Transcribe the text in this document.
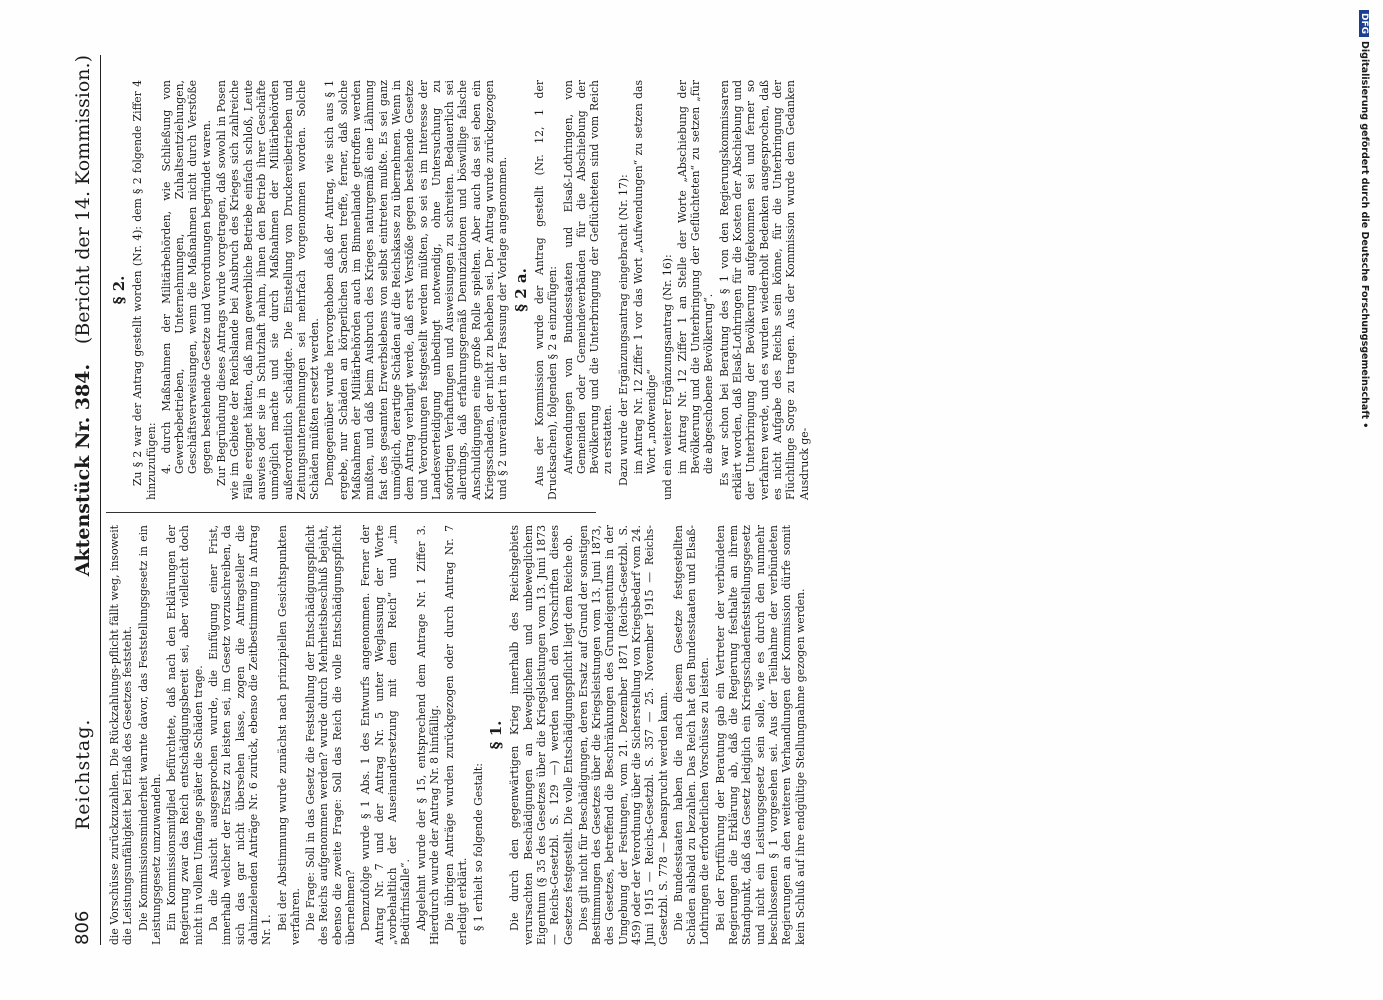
806
Reichstag.
Aktenstück Nr. 384.   (Bericht der 14. Kommission.)

die Vorschüsse zurückzuzahlen. Die Rückzahlungs-pflicht fällt weg, insoweit die Leistungsunfähigkeit bei Erlaß des Gesetzes feststeht. Die Kommissionsminderheit warnte davor, das Feststellungsgesetz in ein Leistungsgesetz umzuwandeln. Ein Kommissionsmitglied befürchtete, daß nach den Erklärungen der Regierung zwar das Reich entschädigungsbereit sei, aber vielleicht doch nicht in vollem Umfange später die Schäden trage. Da die Ansicht ausgesprochen wurde, die Einfügung einer Frist, innerhalb welcher der Ersatz zu leisten sei, im Gesetz vorzuschreiben, da sich das gar nicht übersehen lasse, zogen die Antragsteller die dahinzielenden Anträge Nr. 6 zurück, ebenso die Zeitbestimmung in Antrag Nr. 1. Bei der Abstimmung wurde zunächst nach prinzipiellen Gesichtspunkten verfahren. Die Frage: Soll in das Gesetz die Feststellung der Entschädigungspflicht des Reichs aufgenommen werden? wurde durch Mehrheitsbeschluß bejaht, ebenso die zweite Frage: Soll das Reich die volle Entschädigungspflicht übernehmen? Demzufolge wurde § 1 Abs. 1 des Entwurfs angenommen. Ferner der Antrag Nr. 7 und der Antrag Nr. 5 unter Weglassung der Worte „vorbehaltlich der Auseinandersetzung mit dem Reich“ und „im Bedürfnisfalle“. Abgelehnt wurde der § 15, entsprechend dem Antrage Nr. 1 Ziffer 3. Hierdurch wurde der Antrag Nr. 8 hinfällig. Die übrigen Anträge wurden zurückgezogen oder durch Antrag Nr. 7 erledigt erklärt. § 1 erhielt so folgende Gestalt:

§ 1. Die durch den gegenwärtigen Krieg innerhalb des Reichsgebiets verursachten Beschädigungen an beweglichem und unbeweglichem Eigentum (§ 35 des Gesetzes über die Kriegsleistungen vom 13. Juni 1873 — Reichs-Gesetzbl. S. 129 —) werden nach den Vorschriften dieses Gesetzes festgestellt. Die volle Entschädigungspflicht liegt dem Reiche ob. Dies gilt nicht für Beschädigungen, deren Ersatz auf Grund der sonstigen Bestimmungen des Gesetzes über die Kriegsleistungen vom 13. Juni 1873, des Gesetzes, betreffend die Beschränkungen des Grundeigentums in der Umgebung der Festungen, vom 21. Dezember 1871 (Reichs-Gesetzbl. S. 459) oder der Verordnung über die Sicherstellung von Kriegsbedarf vom 24. Juni 1915 — Reichs-Gesetzbl. S. 357 — 25. November 1915 — Reichs-Gesetzbl. S. 778 — beansprucht werden kann. Die Bundesstaaten haben die nach diesem Gesetze festgestellten Schäden alsbald zu bezahlen. Das Reich hat den Bundesstaaten und Elsaß-Lothringen die erforderlichen Vorschüsse zu leisten. Bei der Fortführung der Beratung gab ein Vertreter der verbündeten Regierungen die Erklärung ab, daß die Regierung festhalte an ihrem Standpunkt, daß das Gesetz lediglich ein Kriegsschadenfeststellungsgesetz und nicht ein Leistungsgesetz sein solle, wie es durch den nunmehr beschlossenen § 1 vorgesehen sei. Aus der Teilnahme der verbündeten Regierungen an den weiteren Verhandlungen der Kommission dürfe somit kein Schluß auf ihre endgültige Stellungnahme gezogen werden.

§ 2. Zu § 2 war der Antrag gestellt worden (Nr. 4): dem § 2 folgende Ziffer 4 hinzuzufügen: 4. durch Maßnahmen der Militärbehörden, wie Schließung von Gewerbebetrieben, Unternehmungen, Zuhaltsentziehungen, Geschäftsverweisungen, wenn die Maßnahmen nicht durch Verstöße gegen bestehende Gesetze und Verordnungen begründet waren. Zur Begründung dieses Antrags wurde vorgetragen, daß sowohl in Posen wie im Gebiete der Reichslande bei Ausbruch des Krieges sich zahlreiche Fälle ereignet hätten, daß man gewerbliche Betriebe einfach schloß, Leute auswies oder sie in Schutzhaft nahm, ihnen den Betrieb ihrer Geschäfte unmöglich machte und sie durch Maßnahmen der Militärbehörden außerordentlich schädigte. Die Einstellung von Druckereibetrieben und Zeitungsunternehmungen sei mehrfach vorgenommen worden. Solche Schäden müßten ersetzt werden. Demgegenüber wurde hervorgehoben daß der Antrag, wie sich aus § 1 ergebe, nur Schäden an körperlichen Sachen treffe, ferner, daß solche Maßnahmen der Militärbehörden auch im Binnenlande getroffen werden mußten, und daß beim Ausbruch des Krieges naturgemäß eine Lähmung fast des gesamten Erwerbslebens von selbst eintreten mußte. Es sei ganz unmöglich, derartige Schäden auf die Reichskasse zu übernehmen. Wenn in dem Antrag verlangt werde, daß erst Verstöße gegen bestehende Gesetze und Verordnungen festgestellt werden müßten, so sei es im Interesse der Landesverteidigung unbedingt notwendig, ohne Untersuchung zu sofortigen Verhaftungen und Ausweisungen zu schreiten. Bedauerlich sei allerdings, daß erfahrungsgemäß Denunziationen und böswillige falsche Anschuldigungen eine große Rolle spielten. Aber auch das sei eben ein Kriegsschaden, der nicht zu beheben sei. Der Antrag wurde zurückgezogen und § 2 unverändert in der Fassung der Vorlage angenommen. § 2 a. Aus der Kommission wurde der Antrag gestellt (Nr. 12, 1 der Drucksachen), folgenden § 2 a einzufügen: Aufwendungen von Bundesstaaten und Elsaß-Lothringen, von Gemeinden oder Gemeindeverbänden für die Abschiebung der Bevölkerung und die Unterbringung der Geflüchteten sind vom Reich zu erstatten. Dazu wurde der Ergänzungsantrag eingebracht (Nr. 17): im Antrag Nr. 12 Ziffer 1 vor das Wort „Aufwendungen“ zu setzen das Wort „notwendige“ und ein weiterer Ergänzungsantrag (Nr. 16): im Antrag Nr. 12 Ziffer 1 an Stelle der Worte „Abschiebung der Bevölkerung und die Unterbringung der Geflüchteten“ zu setzen „für die abgeschobene Bevölkerung“. Es war schon bei Beratung des § 1 von den Regierungskommissaren erklärt worden, daß Elsaß-Lothringen für die Kosten der Abschiebung und der Unterbringung der Bevölkerung aufgekommen sei und ferner so verfahren werde, und es wurden wiederholt Bedenken ausgesprochen, daß es nicht Aufgabe des Reichs sein könne, für die Unterbringung der Flüchtlinge Sorge zu tragen. Aus der Kommission wurde dem Gedanken Ausdruck ge-

DFGDigitalisierung gefördert durch die Deutsche Forschungsgemeinschaft •
